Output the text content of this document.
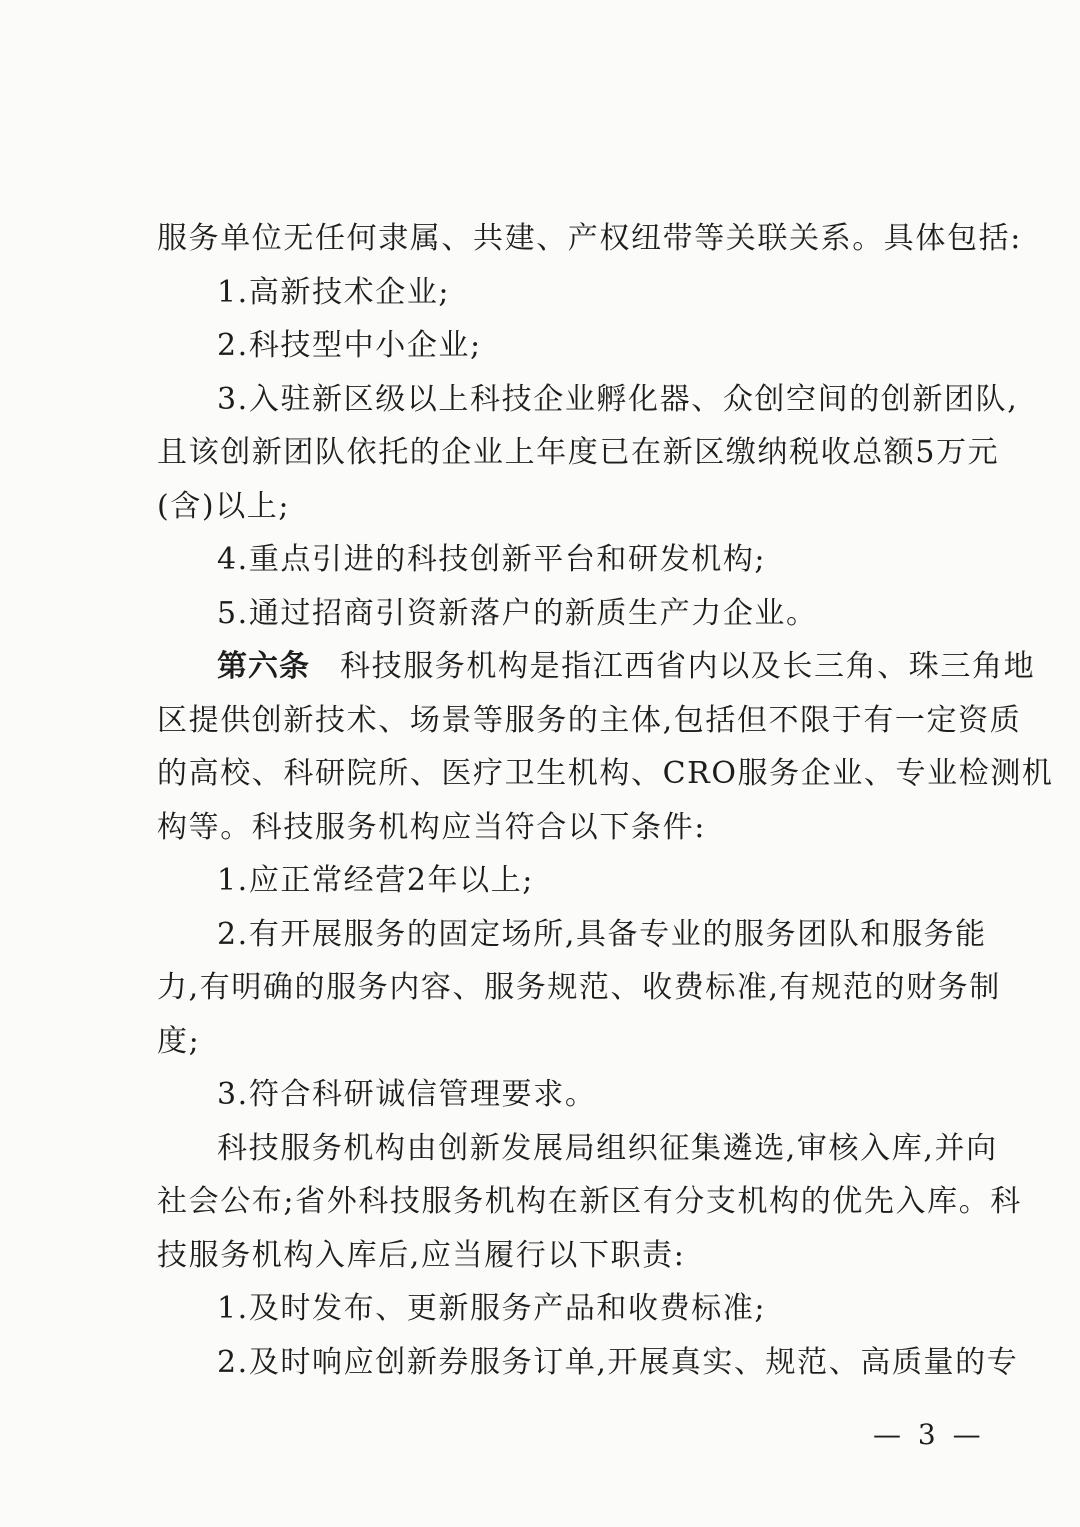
服务单位无任何隶属、共建、产权纽带等关联关系。具体包括:
1.高新技术企业;
2.科技型中小企业;
3.入驻新区级以上科技企业孵化器、众创空间的创新团队,
且该创新团队依托的企业上年度已在新区缴纳税收总额5万元
(含)以上;
4.重点引进的科技创新平台和研发机构;
5.通过招商引资新落户的新质生产力企业。
第六条 科技服务机构是指江西省内以及长三角、珠三角地
区提供创新技术、场景等服务的主体,包括但不限于有一定资质
的高校、科研院所、医疗卫生机构、CRO服务企业、专业检测机
构等。科技服务机构应当符合以下条件:
1.应正常经营2年以上;
2.有开展服务的固定场所,具备专业的服务团队和服务能
力,有明确的服务内容、服务规范、收费标准,有规范的财务制
度;
3.符合科研诚信管理要求。
科技服务机构由创新发展局组织征集遴选,审核入库,并向
社会公布;省外科技服务机构在新区有分支机构的优先入库。科
技服务机构入库后,应当履行以下职责:
1.及时发布、更新服务产品和收费标准;
2.及时响应创新券服务订单,开展真实、规范、高质量的专
— 3 —
